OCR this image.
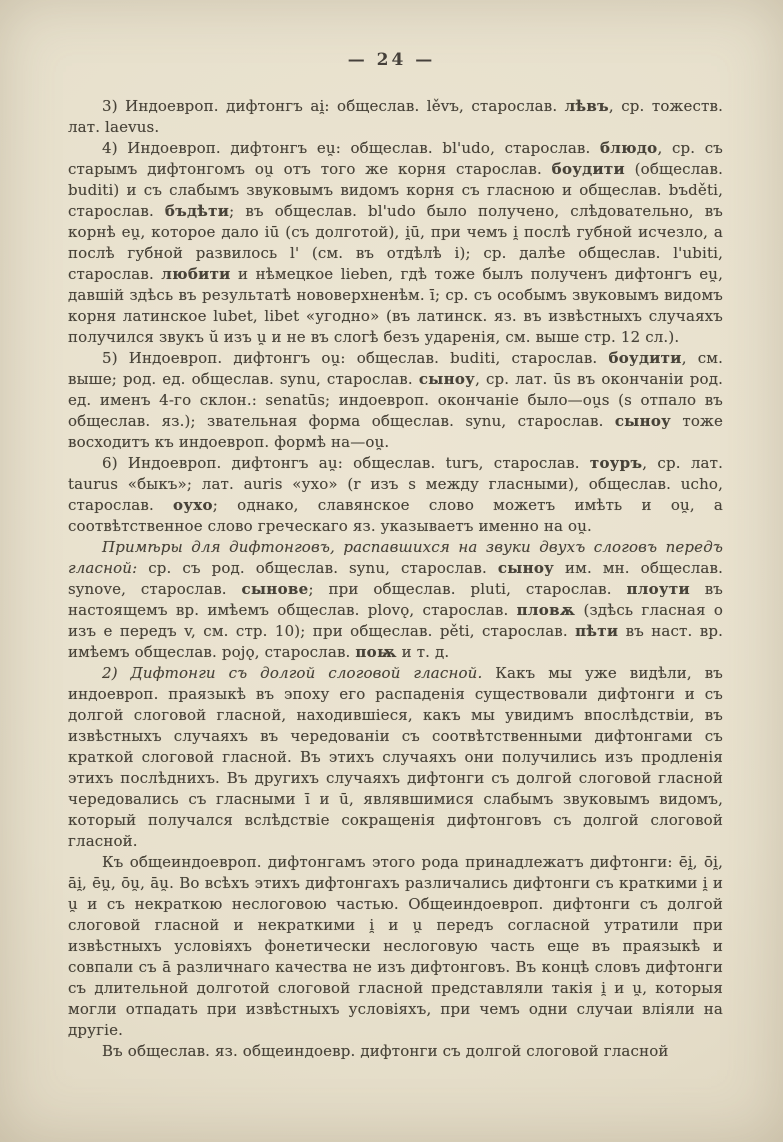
— 24 —

3) Индоевроп. дифтонгъ ai̯: общеслав. lěvъ, старослав. лѣвъ, ср. тожеств. лат. laevus.

4) Индоевроп. дифтонгъ eu̯: общеслав. bl'udo, старослав. блюдо, ср. съ старымъ дифтонгомъ ou̯ отъ того же корня старослав. боудити (общеслав. buditi) и съ слабымъ звуковымъ видомъ корня съ гласною и общеслав. bъděti, старослав. бъдѣти; въ общеслав. bl'udo было получено, слѣдовательно, въ корнѣ eu̯, которое дало iū (съ долготой), i̯ū, при чемъ i̯ послѣ губной исчезло, а послѣ губной развилось l' (см. въ отдѣлѣ i); ср. далѣе общеслав. l'ubiti, старослав. любити и нѣмецкое lieben, гдѣ тоже былъ полученъ дифтонгъ eu̯, давшій здѣсь въ результатѣ нововерхненѣм. ī; ср. съ особымъ звуковымъ видомъ корня латинское lubet, libet «угодно» (въ латинск. яз. въ извѣстныхъ случаяхъ получился звукъ ŭ изъ u̯ и не въ слогѣ безъ ударенія, см. выше стр. 12 сл.).

5) Индоевроп. дифтонгъ ou̯: общеслав. buditi, старослав. боудити, см. выше; род. ед. общеслав. synu, старослав. сыноу, ср. лат. ūs въ окончаніи род. ед. именъ 4-го склон.: senatūs; индоевроп. окончаніе было—ou̯s (s отпало въ общеслав. яз.); звательная форма общеслав. synu, старослав. сыноу тоже восходитъ къ индоевроп. формѣ на—ou̯.

6) Индоевроп. дифтонгъ au̯: общеслав. turъ, старослав. тоуръ, ср. лат. taurus «быкъ»; лат. auris «ухо» (r изъ s между гласными), общеслав. ucho, старослав. оухо; однако, славянское слово можетъ имѣть и ou̯, а соотвѣтственное слово греческаго яз. указываетъ именно на ou̯.

Примѣры для дифтонговъ, распавшихся на звуки двухъ слоговъ передъ гласной: ср. съ род. общеслав. synu, старослав. сыноу им. мн. общеслав. synove, старослав. сынове; при общеслав. pluti, старослав. плоути въ настоящемъ вр. имѣемъ общеслав. plovǫ, старослав. пловѫ (здѣсь гласная о изъ е передъ v, см. стр. 10); при общеслав. pěti, старослав. пѣти въ наст. вр. имѣемъ общеслав. pojǫ, старослав. поѭ и т. д.

2) Дифтонги съ долгой слоговой гласной. Какъ мы уже видѣли, въ индоевроп. праязыкѣ въ эпоху его распаденія существовали дифтонги и съ долгой слоговой гласной, находившіеся, какъ мы увидимъ впослѣдствіи, въ извѣстныхъ случаяхъ въ чередованіи съ соотвѣтственными дифтонгами съ краткой слоговой гласной. Въ этихъ случаяхъ они получились изъ продленія этихъ послѣднихъ. Въ другихъ случаяхъ дифтонги съ долгой слоговой гласной чередовались съ гласными ī и ū, являвшимися слабымъ звуковымъ видомъ, который получался вслѣдствіе сокращенія дифтонговъ съ долгой слоговой гласной.

Къ общеиндоевроп. дифтонгамъ этого рода принадлежатъ дифтонги: ēi̯, ōi̯, āi̯, ēu̯, ōu̯, āu̯. Во всѣхъ этихъ дифтонгахъ различались дифтонги съ краткими i̯ и u̯ и съ некраткою неслоговою частью. Общеиндоевроп. дифтонги съ долгой слоговой гласной и некраткими i̯ и u̯ передъ согласной утратили при извѣстныхъ условіяхъ фонетически неслоговую часть еще въ праязыкѣ и совпали съ ā различнаго качества не изъ дифтонговъ. Въ концѣ словъ дифтонги съ длительной долготой слоговой гласной представляли такія i̯ и u̯, которыя могли отпадать при извѣстныхъ условіяхъ, при чемъ одни случаи вліяли на другіе.

Въ общеслав. яз. общеиндоевр. дифтонги съ долгой слоговой гласной
